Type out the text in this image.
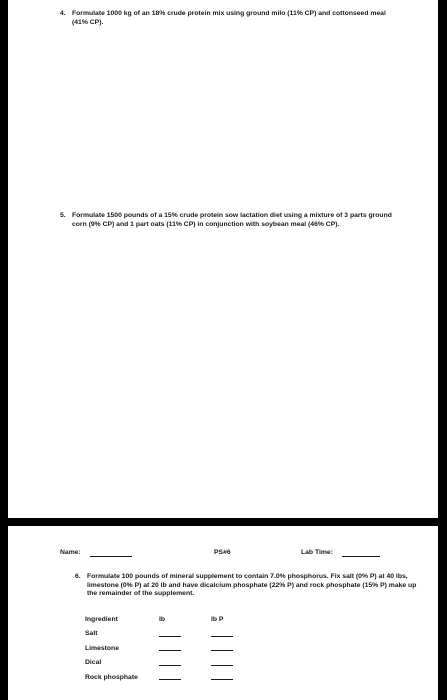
4. Formulate 1000 kg of an 18% crude protein mix using ground milo (11% CP) and cottonseed meal (41% CP).
5. Formulate 1500 pounds of a 15% crude protein sow lactation diet using a mixture of 3 parts ground corn (9% CP) and 1 part oats (11% CP) in conjunction with soybean meal (46% CP).
Name:	PS#6	Lab Time:
6. Formulate 100 pounds of mineral supplement to contain 7.0% phosphorus. Fix salt (0% P) at 40 lbs, limestone (0% P) at 20 lb and have dicalcium phosphate (22% P) and rock phosphate (15% P) make up the remainder of the supplement.
Ingredient	lb	lb P
Salt		
Limestone		
Dical		
Rock phosphate		
